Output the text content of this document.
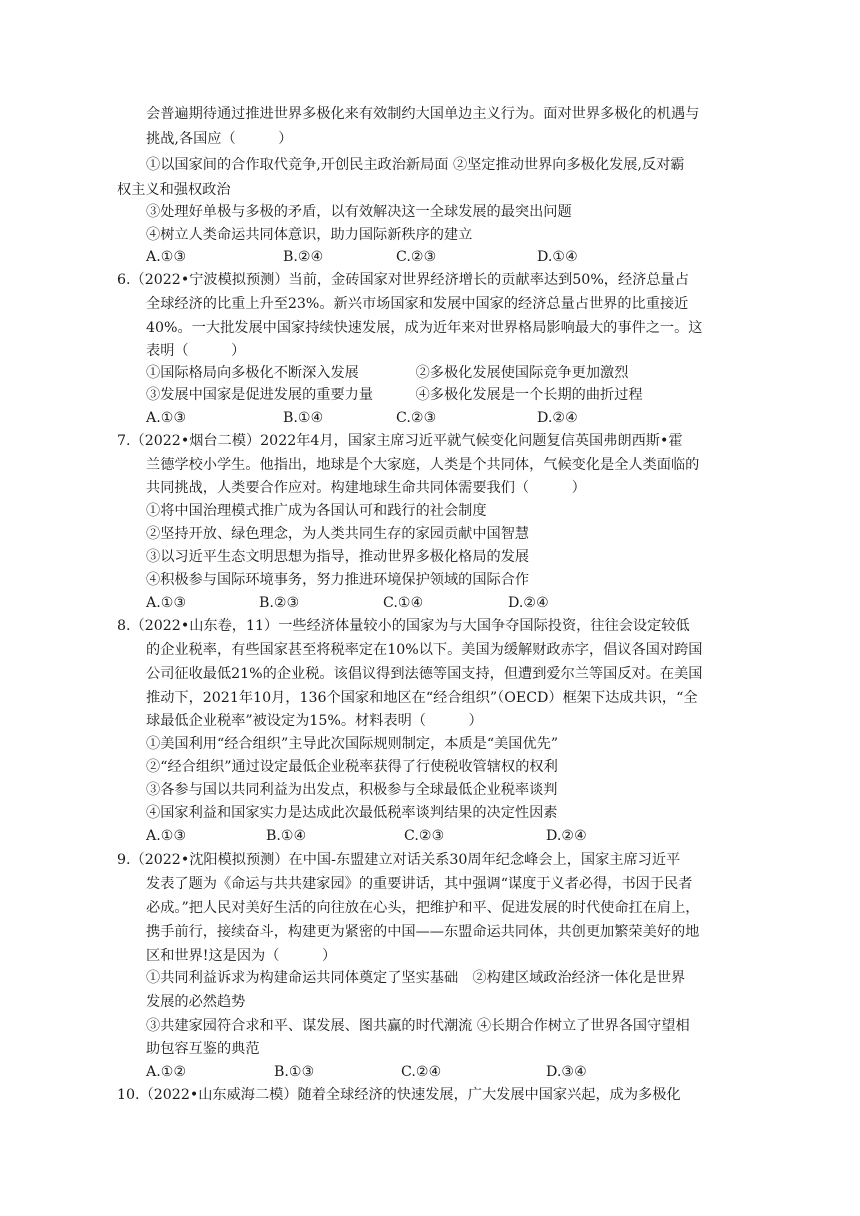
会普遍期待通过推进世界多极化来有效制约大国单边主义行为。面对世界多极化的机遇与
挑战,各国应（　　　）
①以国家间的合作取代竞争,开创民主政治新局面 ②坚定推动世界向多极化发展,反对霸
权主义和强权政治
③处理好单极与多极的矛盾，以有效解决这一全球发展的最突出问题
④树立人类命运共同体意识，助力国际新秩序的建立
A.①③	B.②④	C.②③	D.①④
6.（2022•宁波模拟预测）当前，金砖国家对世界经济增长的贡献率达到50%，经济总量占
全球经济的比重上升至23%。新兴市场国家和发展中国家的经济总量占世界的比重接近
40%。一大批发展中国家持续快速发展，成为近年来对世界格局影响最大的事件之一。这
表明（　　　）
①国际格局向多极化不断深入发展　　　　②多极化发展使国际竞争更加激烈
③发展中国家是促进发展的重要力量　　　④多极化发展是一个长期的曲折过程
A.①③	B.①④	C.②③	D.②④
7.（2022•烟台二模）2022年4月，国家主席习近平就气候变化问题复信英国弗朗西斯•霍
兰德学校小学生。他指出，地球是个大家庭，人类是个共同体，气候变化是全人类面临的
共同挑战，人类要合作应对。构建地球生命共同体需要我们（　　　）
①将中国治理模式推广成为各国认可和践行的社会制度
②坚持开放、绿色理念，为人类共同生存的家园贡献中国智慧
③以习近平生态文明思想为指导，推动世界多极化格局的发展
④积极参与国际环境事务，努力推进环境保护领域的国际合作
A.①③	B.②③	C.①④	D.②④
8.（2022•山东卷，11）一些经济体量较小的国家为与大国争夺国际投资，往往会设定较低
的企业税率，有些国家甚至将税率定在10%以下。美国为缓解财政赤字，倡议各国对跨国
公司征收最低21%的企业税。该倡议得到法德等国支持，但遭到爱尔兰等国反对。在美国
推动下，2021年10月，136个国家和地区在“经合组织”（OECD）框架下达成共识，“全
球最低企业税率”被设定为15%。材料表明（　　　）
①美国利用“经合组织”主导此次国际规则制定，本质是“美国优先”
②“经合组织”通过设定最低企业税率获得了行使税收管辖权的权利
③各参与国以共同利益为出发点，积极参与全球最低企业税率谈判
④国家利益和国家实力是达成此次最低税率谈判结果的决定性因素
A.①③	B.①④	C.②③	D.②④
9.（2022•沈阳模拟预测）在中国-东盟建立对话关系30周年纪念峰会上，国家主席习近平
发表了题为《命运与共共建家园》的重要讲话，其中强调“谋度于义者必得，书因于民者
必成。”把人民对美好生活的向往放在心头，把维护和平、促进发展的时代使命扛在肩上，
携手前行，接续奋斗，构建更为紧密的中国——东盟命运共同体，共创更加繁荣美好的地
区和世界!这是因为（　　　）
①共同利益诉求为构建命运共同体奠定了坚实基础　②构建区域政治经济一体化是世界
发展的必然趋势
③共建家园符合求和平、谋发展、图共赢的时代潮流 ④长期合作树立了世界各国守望相
助包容互鉴的典范
A.①②	B.①③	C.②④	D.③④
10.（2022•山东威海二模）随着全球经济的快速发展，广大发展中国家兴起，成为多极化
